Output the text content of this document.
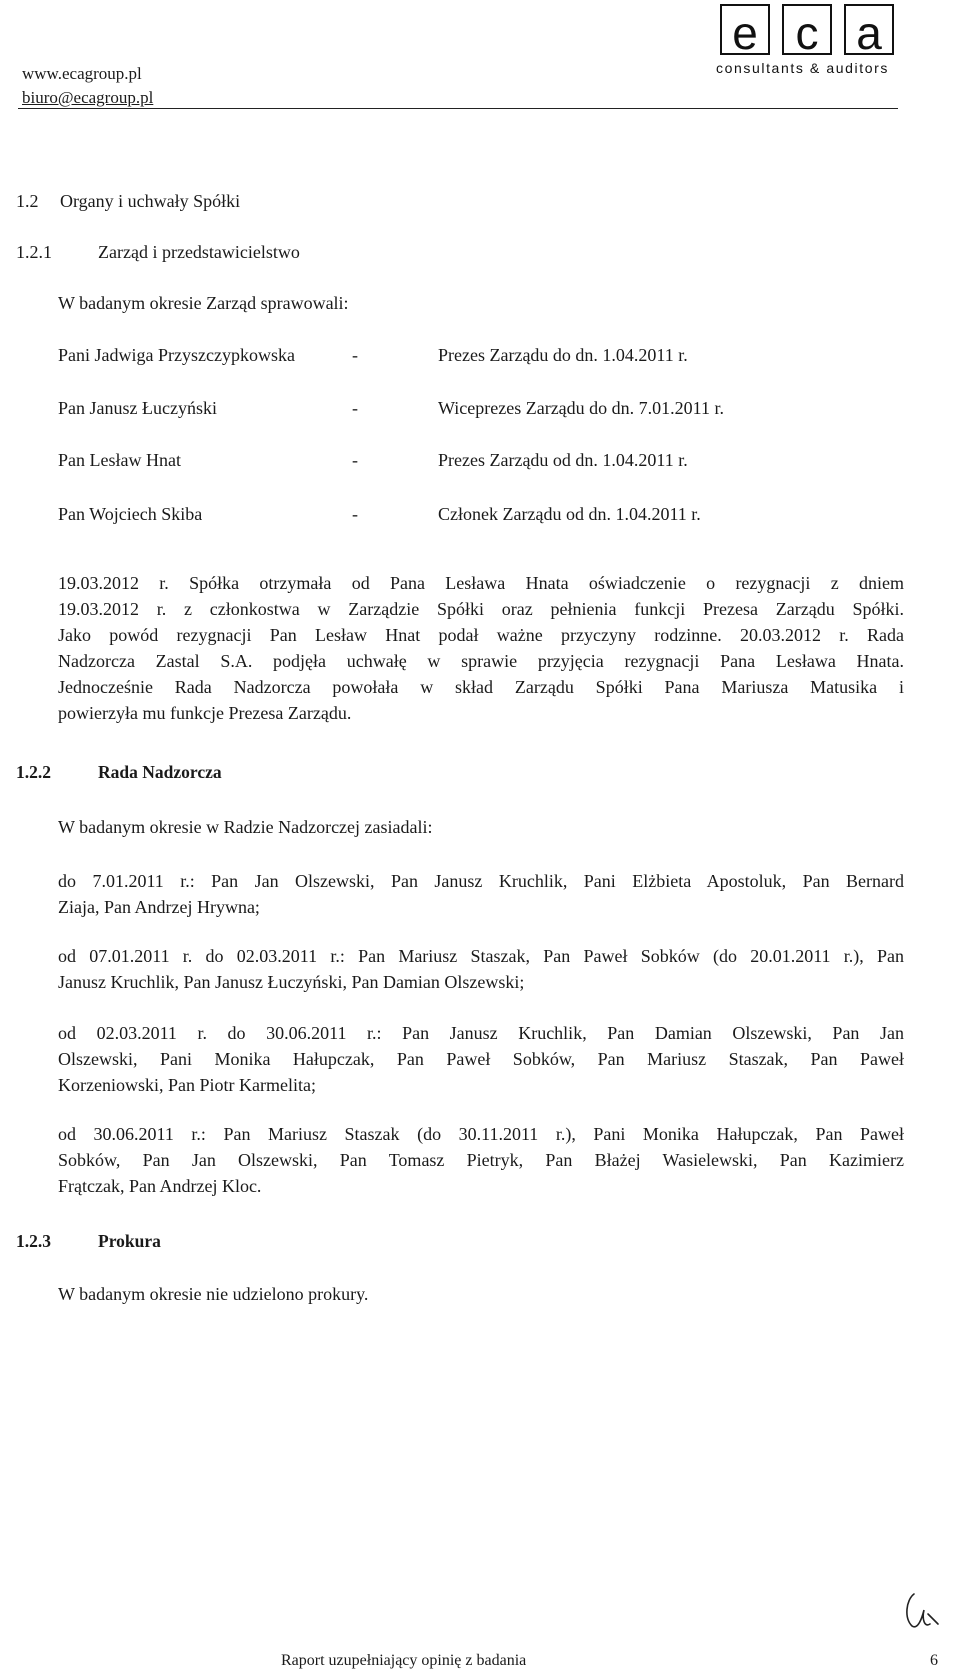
www.ecagroup.pl
biuro@ecagroup.pl
e c a
consultants & auditors
1.2 Organy i uchwały Spółki
1.2.1	Zarząd i przedstawicielstwo
W badanym okresie Zarząd sprawowali:
Pani Jadwiga Przyszczypkowska	-	Prezes Zarządu do dn. 1.04.2011 r.
Pan Janusz Łuczyński	-	Wiceprezes Zarządu do dn. 7.01.2011 r.
Pan Lesław Hnat	-	Prezes Zarządu od dn. 1.04.2011 r.
Pan Wojciech Skiba	-	Członek Zarządu od dn. 1.04.2011 r.
19.03.2012 r. Spółka otrzymała od Pana Lesława Hnata oświadczenie o rezygnacji z dniem
19.03.2012 r. z członkostwa w Zarządzie Spółki oraz pełnienia funkcji Prezesa Zarządu Spółki.
Jako powód rezygnacji Pan Lesław Hnat podał ważne przyczyny rodzinne. 20.03.2012 r. Rada
Nadzorcza Zastal S.A. podjęła uchwałę w sprawie przyjęcia rezygnacji Pana Lesława Hnata.
Jednocześnie Rada Nadzorcza powołała w skład Zarządu Spółki Pana Mariusza Matusika i
powierzyła mu funkcje Prezesa Zarządu.
1.2.2	Rada Nadzorcza
W badanym okresie w Radzie Nadzorczej zasiadali:
do 7.01.2011 r.: Pan Jan Olszewski, Pan Janusz Kruchlik, Pani Elżbieta Apostoluk, Pan Bernard
Ziaja, Pan Andrzej Hrywna;
od 07.01.2011 r. do 02.03.2011 r.: Pan Mariusz Staszak, Pan Paweł Sobków (do 20.01.2011 r.), Pan
Janusz Kruchlik, Pan Janusz Łuczyński, Pan Damian Olszewski;
od 02.03.2011 r. do 30.06.2011 r.: Pan Janusz Kruchlik, Pan Damian Olszewski, Pan Jan
Olszewski, Pani Monika Hałupczak, Pan Paweł Sobków, Pan Mariusz Staszak, Pan Paweł
Korzeniowski, Pan Piotr Karmelita;
od 30.06.2011 r.: Pan Mariusz Staszak (do 30.11.2011 r.), Pani Monika Hałupczak, Pan Paweł
Sobków, Pan Jan Olszewski, Pan Tomasz Pietryk, Pan Błażej Wasielewski, Pan Kazimierz
Frątczak, Pan Andrzej Kloc.
1.2.3	Prokura
W badanym okresie nie udzielono prokury.
Raport uzupełniający opinię z badania	6
